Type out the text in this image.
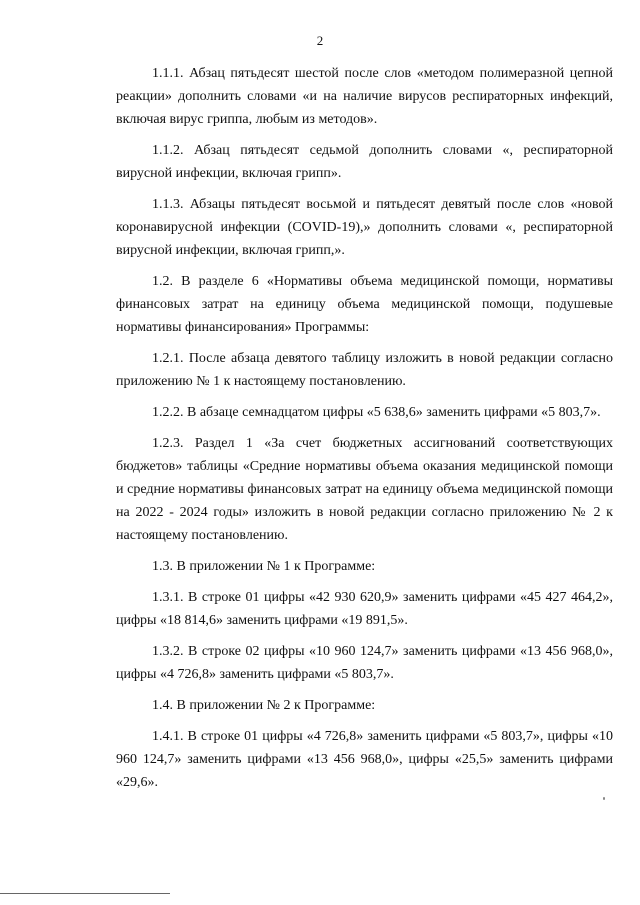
2

1.1.1. Абзац пятьдесят шестой после слов «методом полимеразной цепной реакции» дополнить словами «и на наличие вирусов респираторных инфекций, включая вирус гриппа, любым из методов».

1.1.2. Абзац пятьдесят седьмой дополнить словами «, респираторной вирусной инфекции, включая грипп».

1.1.3. Абзацы пятьдесят восьмой и пятьдесят девятый после слов «новой коронавирусной инфекции (COVID-19),» дополнить словами «, респираторной вирусной инфекции, включая грипп,».

1.2. В разделе 6 «Нормативы объема медицинской помощи, нормативы финансовых затрат на единицу объема медицинской помощи, подушевые нормативы финансирования» Программы:

1.2.1. После абзаца девятого таблицу изложить в новой редакции согласно приложению № 1 к настоящему постановлению.

1.2.2. В абзаце семнадцатом цифры «5 638,6» заменить цифрами «5 803,7».

1.2.3. Раздел 1 «За счет бюджетных ассигнований соответствующих бюджетов» таблицы «Средние нормативы объема оказания медицинской помощи и средние нормативы финансовых затрат на единицу объема медицинской помощи на 2022 - 2024 годы» изложить в новой редакции согласно приложению № 2 к настоящему постановлению.

1.3. В приложении № 1 к Программе:

1.3.1. В строке 01 цифры «42 930 620,9» заменить цифрами «45 427 464,2», цифры «18 814,6» заменить цифрами «19 891,5».

1.3.2. В строке 02 цифры «10 960 124,7» заменить цифрами «13 456 968,0», цифры «4 726,8» заменить цифрами «5 803,7».

1.4. В приложении № 2 к Программе:

1.4.1. В строке 01 цифры «4 726,8» заменить цифрами «5 803,7», цифры «10 960 124,7» заменить цифрами «13 456 968,0», цифры «25,5» заменить цифрами «29,6».
